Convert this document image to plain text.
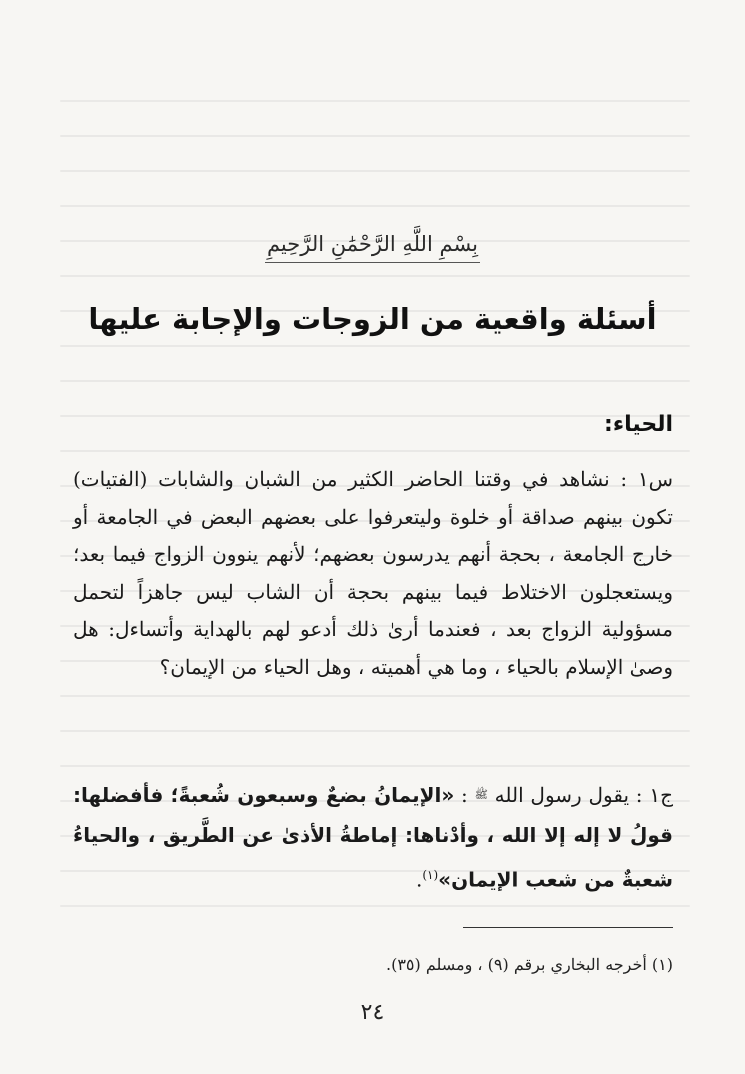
بِسْمِ اللَّهِ الرَّحْمَٰنِ الرَّحِيمِ
أسئلة واقعية من الزوجات والإجابة عليها
الحياء:
س١ : نشاهد في وقتنا الحاضر الكثير من الشبان والشابات (الفتيات) تكون بينهم صداقة أو خلوة وليتعرفوا على بعضهم البعض في الجامعة أو خارج الجامعة ، بحجة أنهم يدرسون بعضهم؛ لأنهم ينوون الزواج فيما بعد؛ ويستعجلون الاختلاط فيما بينهم بحجة أن الشاب ليس جاهزاً لتحمل مسؤولية الزواج بعد ، فعندما أرىٰ ذلك أدعو لهم بالهداية وأتساءل: هل وصىٰ الإسلام بالحياء ، وما هي أهميته ، وهل الحياء من الإيمان؟
ج١ : يقول رسول الله $^ﷺ$ : «الإيمانُ بضعٌ وسبعون شُعبةً؛ فأفضلها: قولُ لا إله إلا الله ، وأدْناها: إماطةُ الأذىٰ عن الطَّريق ، والحياءُ شعبةٌ من شعب الإيمان»$^{(١)}$.
(١) أخرجه البخاري برقم (٩) ، ومسلم (٣٥).
٢٤
